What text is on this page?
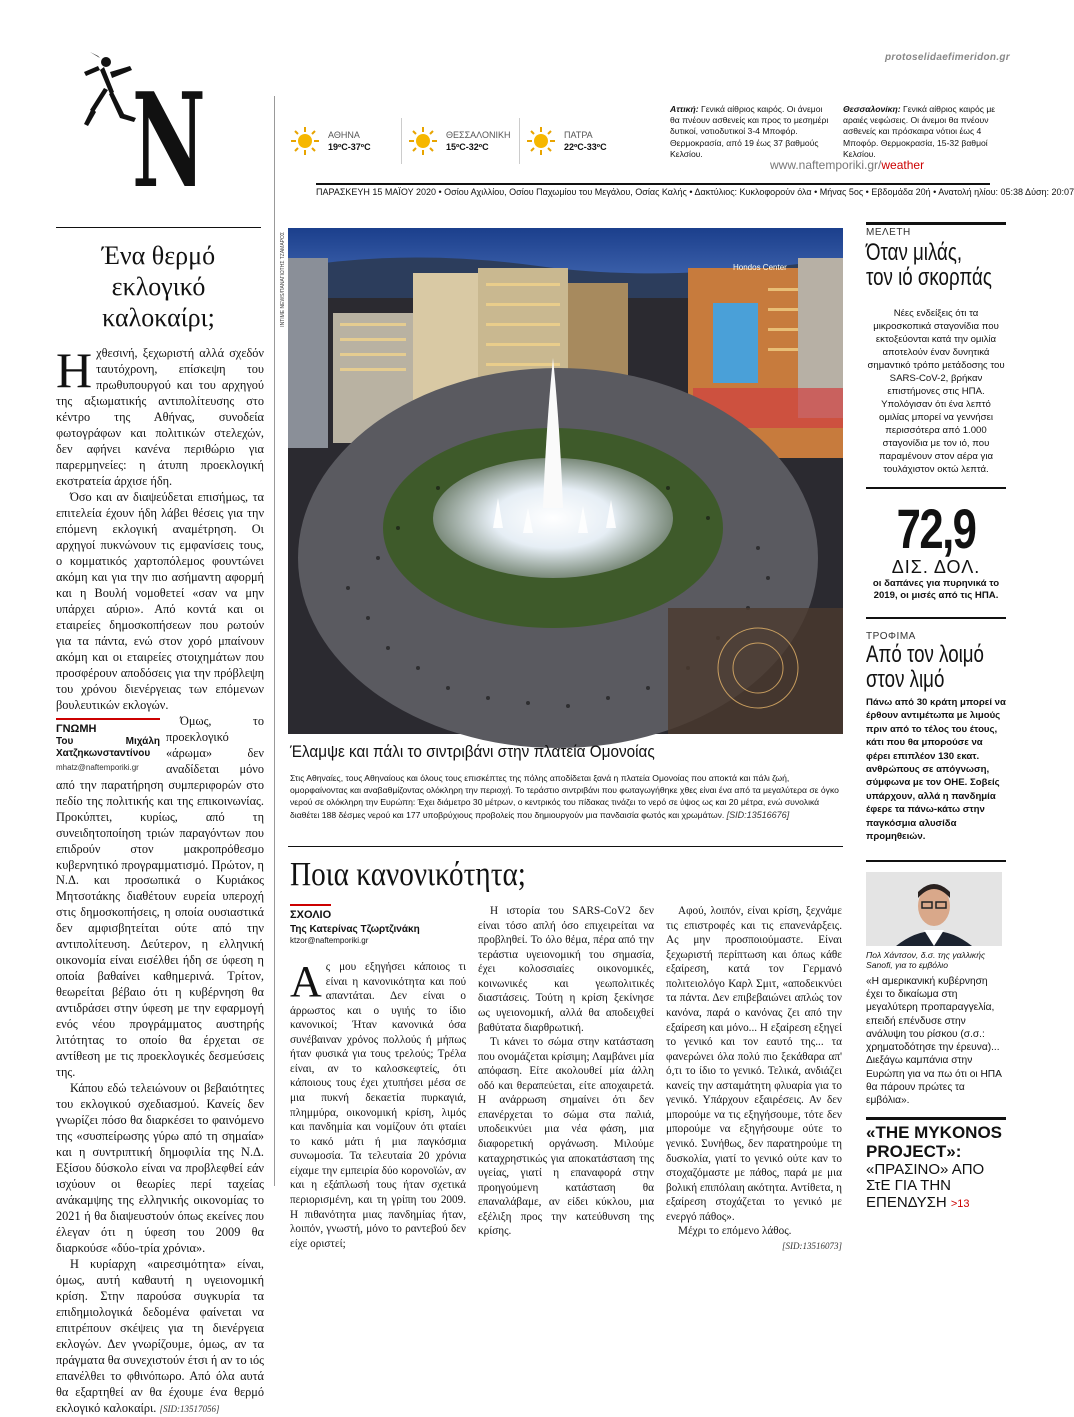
protoselidaefimeridon.gr
N	ΑΘΗΝΑ
19ºC-37ºC
ΘΕΣΣΑΛΟΝΙΚΗ
15ºC-32ºC
ΠΑΤΡΑ
22ºC-33ºC
Αττική: Γενικά αίθριος καιρός. Οι άνεμοι θα πνέουν ασθενείς και προς το μεσημέρι δυτικοί, νοτιοδυτικοί 3-4 Μποφόρ. Θερμοκρασία, από 19 έως 37 βαθμούς Κελσίου.
Θεσσαλονίκη: Γενικά αίθριος καιρός με αραιές νεφώσεις. Οι άνεμοι θα πνέουν ασθενείς και πρόσκαιρα νότιοι έως 4 Μποφόρ. Θερμοκρασία, 15-32 βαθμοί Κελσίου.
www.naftemporiki.gr/weather
ΠΑΡΑΣΚΕΥΗ 15 ΜΑΪΟΥ 2020 • Οσίου Αχιλλίου, Οσίου Παχωμίου του Μεγάλου, Οσίας Καλής • Δακτύλιος: Κυκλοφορούν όλα • Μήνας 5ος • Εβδομάδα 20ή • Ανατολή ηλίου: 05:38 Δύση: 20:07
Ένα θερμό εκλογικό καλοκαίρι;

Ηχθεσινή, ξεχωριστή αλλά σχεδόν ταυτόχρονη, επίσκεψη του πρωθυπουργού και του αρχηγού της αξιωματικής αντιπολίτευσης στο κέντρο της Αθήνας, συνοδεία φωτογράφων και πολιτικών στελεχών, δεν αφήνει κανένα περιθώριο για παρερμηνείες: η άτυπη προεκλογική εκστρατεία άρχισε ήδη.

Όσο και αν διαψεύδεται επισήμως, τα επιτελεία έχουν ήδη λάβει θέσεις για την επόμενη εκλογική αναμέτρηση. Οι αρχηγοί πυκνώνουν τις εμφανίσεις τους, ο κομματικός χαρτοπόλεμος φουντώνει ακόμη και για την πιο ασήμαντη αφορμή και η Βουλή νομοθετεί «σαν να μην υπάρχει αύριο». Από κοντά και οι εταιρείες δημοσκοπήσεων που ρωτούν για τα πάντα, ενώ στον χορό μπαίνουν ακόμη και οι εταιρείες στοιχημάτων που προσφέρουν αποδόσεις για την πρόβλεψη του χρόνου διενέργειας των επόμενων βουλευτικών εκλογών.

ΓΝΩΜΗ
Του Μιχάλη Χατζηκωνσταντίνου
mhatz@naftemporiki.gr

Όμως, το προεκλογικό «άρωμα» δεν αναδίδεται μόνο από την παρατήρηση συμπεριφορών στο πεδίο της πολιτικής και της επικοινωνίας. Προκύπτει, κυρίως, από τη συνειδητοποίηση τριών παραγόντων που επιδρούν στον μακροπρόθεσμο κυβερνητικό προγραμματισμό. Πρώτον, η Ν.Δ. και προσωπικά ο Κυριάκος Μητσοτάκης διαθέτουν ευρεία υπεροχή στις δημοσκοπήσεις, η οποία ουσιαστικά δεν αμφισβητείται ούτε από την αντιπολίτευση. Δεύτερον, η ελληνική οικονομία είναι εισέλθει ήδη σε ύφεση η οποία βαθαίνει καθημερινά. Τρίτον, θεωρείται βέβαιο ότι η κυβέρνηση θα αντιδράσει στην ύφεση με την εφαρμογή ενός νέου προγράμματος αυστηρής λιτότητας το οποίο θα έρχεται σε αντίθεση με τις προεκλογικές δεσμεύσεις της.

Κάπου εδώ τελειώνουν οι βεβαιότητες του εκλογικού σχεδιασμού. Κανείς δεν γνωρίζει πόσο θα διαρκέσει το φαινόμενο της «συσπείρωσης γύρω από τη σημαία» και η συντριπτική δημοφιλία της Ν.Δ. Εξίσου δύσκολο είναι να προβλεφθεί εάν ισχύουν οι θεωρίες περί ταχείας ανάκαμψης της ελληνικής οικονομίας το 2021 ή θα διαψευστούν όπως εκείνες που έλεγαν ότι η ύφεση του 2009 θα διαρκούσε «δύο-τρία χρόνια».

Η κυρίαρχη «αιρεσιμότητα» είναι, όμως, αυτή καθαυτή η υγειονομική κρίση. Στην παρούσα συγκυρία τα επιδημιολογικά δεδομένα φαίνεται να επιτρέπουν σκέψεις για τη διενέργεια εκλογών. Δεν γνωρίζουμε, όμως, αν τα πράγματα θα συνεχιστούν έτσι ή αν το ιός επανέλθει το φθινόπωρο. Από όλα αυτά θα εξαρτηθεί αν θα έχουμε ένα θερμό εκλογικό καλοκαίρι. [SID:13517056]

INTIME NEWS/ΠΑΝΑΓΙΩΤΗΣ ΤΖΑΜΑΡΟΣ	Hondos Center
Έλαμψε και πάλι το σιντριβάνι στην πλατεία Ομονοίας
Στις Αθηναίες, τους Αθηναίους και όλους τους επισκέπτες της πόλης αποδίδεται ξανά η πλατεία Ομονοίας που αποκτά και πάλι ζωή, ομορφαίνοντας και αναβαθμίζοντας ολόκληρη την περιοχή. Το τεράστιο σιντριβάνι που φωταγωγήθηκε χθες είναι ένα από τα μεγαλύτερα σε όγκο νερού σε ολόκληρη την Ευρώπη: Έχει διάμετρο 30 μέτρων, ο κεντρικός του πίδακας τινάζει το νερό σε ύψος ως και 20 μέτρα, ενώ συνολικά διαθέτει 188 δέσμες νερού και 177 υποβρύχιους προβολείς που δημιουργούν μια πανδαισία φωτός και χρωμάτων. [SID:13516676]
Ποια κανονικότητα;
ΣΧΟΛΙΟ
Της Κατερίνας Τζωρτζινάκη
ktzor@naftemporiki.gr

Ας μου εξηγήσει κάποιος τι είναι η κανονικότητα και πού απαντάται. Δεν είναι ο άρρωστος και ο υγιής το ίδιο κανονικοί; Ήταν κανονικά όσα συνέβαιναν χρόνος πολλούς ή μήπως ήταν φυσικά για τους τρελούς; Τρέλα είναι, αν το καλοσκεφτείς, ότι κάποιους τους έχει χτυπήσει μέσα σε μια πυκνή δεκαετία πυρκαγιά, πλημμύρα, οικονομική κρίση, λιμός και πανδημία και νομίζουν ότι φταίει το κακό μάτι ή μια παγκόσμια συνωμοσία. Τα τελευταία 20 χρόνια είχαμε την εμπειρία δύο κορονοϊών, αν και η εξάπλωσή τους ήταν σχετικά περιορισμένη, και τη γρίπη του 2009. Η πιθανότητα μιας πανδημίας ήταν, λοιπόν, γνωστή, μόνο το ραντεβού δεν είχε οριστεί;

Η ιστορία του SARS-CoV2 δεν είναι τόσο απλή όσο επιχειρείται να προβληθεί. Το όλο θέμα, πέρα από την τεράστια υγειονομική του σημασία, έχει κολοσσιαίες οικονομικές, κοινωνικές και γεωπολιτικές διαστάσεις. Τούτη η κρίση ξεκίνησε ως υγειονομική, αλλά θα αποδειχθεί βαθύτατα διαρθρωτική.

Τι κάνει το σώμα στην κατάσταση που ονομάζεται κρίσιμη; Λαμβάνει μία απόφαση. Είτε ακολουθεί μία άλλη οδό και θεραπεύεται, είτε αποχαιρετά. Η ανάρρωση σημαίνει ότι δεν επανέρχεται το σώμα στα παλιά, υποδεικνύει μια νέα φάση, μια διαφορετική οργάνωση. Μιλούμε καταχρηστικώς για αποκατάσταση της υγείας, γιατί η επαναφορά στην προηγούμενη κατάσταση θα επαναλάβαμε, αν είδει κύκλου, μια εξέλιξη προς την κατεύθυνση της κρίσης.

Αφού, λοιπόν, είναι κρίση, ξεχνάμε τις επιστροφές και τις επανενάρξεις. Ας μην προσποιούμαστε. Είναι ξεχωριστή περίπτωση και όπως κάθε εξαίρεση, κατά τον Γερμανό πολιτειολόγο Καρλ Σμιτ, «αποδεικνύει τα πάντα. Δεν επιβεβαιώνει απλώς τον κανόνα, παρά ο κανόνας ζει από την εξαίρεση και μόνο... Η εξαίρεση εξηγεί το γενικό και τον εαυτό της... τα φανερώνει όλα πολύ πιο ξεκάθαρα απ' ό,τι το ίδιο το γενικό. Τελικά, ανδιάζει κανείς την ασταμάτητη φλυαρία για το γενικό. Υπάρχουν εξαιρέσεις. Αν δεν μπορούμε να τις εξηγήσουμε, τότε δεν μπορούμε να εξηγήσουμε ούτε το γενικό. Συνήθως, δεν παρατηρούμε τη δυσκολία, γιατί το γενικό ούτε καν το στοχαζόμαστε με πάθος, παρά με μια βολική επιπόλαιη ακότητα. Αντίθετα, η εξαίρεση στοχάζεται το γενικό με ενεργό πάθος».

Μέχρι το επόμενο λάθος.

[SID:13516073]

ΜΕΛΕΤΗ
Όταν μιλάς,
τον ιό σκορπάς
Νέες ενδείξεις ότι τα μικροσκοπικά σταγονίδια που εκτοξεύονται κατά την ομιλία αποτελούν έναν δυνητικά σημαντικό τρόπο μετάδοσης του SARS-CoV-2, βρήκαν επιστήμονες στις ΗΠΑ. Υπολόγισαν ότι ένα λεπτό ομιλίας μπορεί να γεννήσει περισσότερα από 1.000 σταγονίδια με τον ιό, που παραμένουν στον αέρα για τουλάχιστον οκτώ λεπτά.
72,9
ΔΙΣ. ΔΟΛ.
οι δαπάνες για πυρηνικά το 2019, οι μισές από τις ΗΠΑ.
ΤΡΟΦΙΜΑ
Από τον λοιμό
στον λιμό
Πάνω από 30 κράτη μπορεί να έρθουν αντιμέτωπα με λιμούς πριν από το τέλος του έτους, κάτι που θα μπορούσε να φέρει επιπλέον 130 εκατ. ανθρώπους σε απόγνωση, σύμφωνα με τον ΟΗΕ. Σοβείς υπάρχουν, αλλά η πανδημία έφερε τα πάνω-κάτω στην παγκόσμια αλυσίδα προμηθειών.
Πολ Χάντσον, δ.σ. της γαλλικής Sanofi, για το εμβόλιο
«Η αμερικανική κυβέρνηση έχει το δικαίωμα στη μεγαλύτερη προπαραγγελία, επειδή επένδυσε στην ανάλυψη του ρίσκου (σ.σ.: χρηματοδότησε την έρευνα)... Διεξάγω καμπάνια στην Ευρώπη για να πω ότι οι ΗΠΑ θα πάρουν πρώτες τα εμβόλια».
«THE MYKONOS PROJECT»:
«ΠΡΑΣΙΝΟ» ΑΠΟ ΣτΕ ΓΙΑ ΤΗΝ ΕΠΕΝΔΥΣΗ >13
